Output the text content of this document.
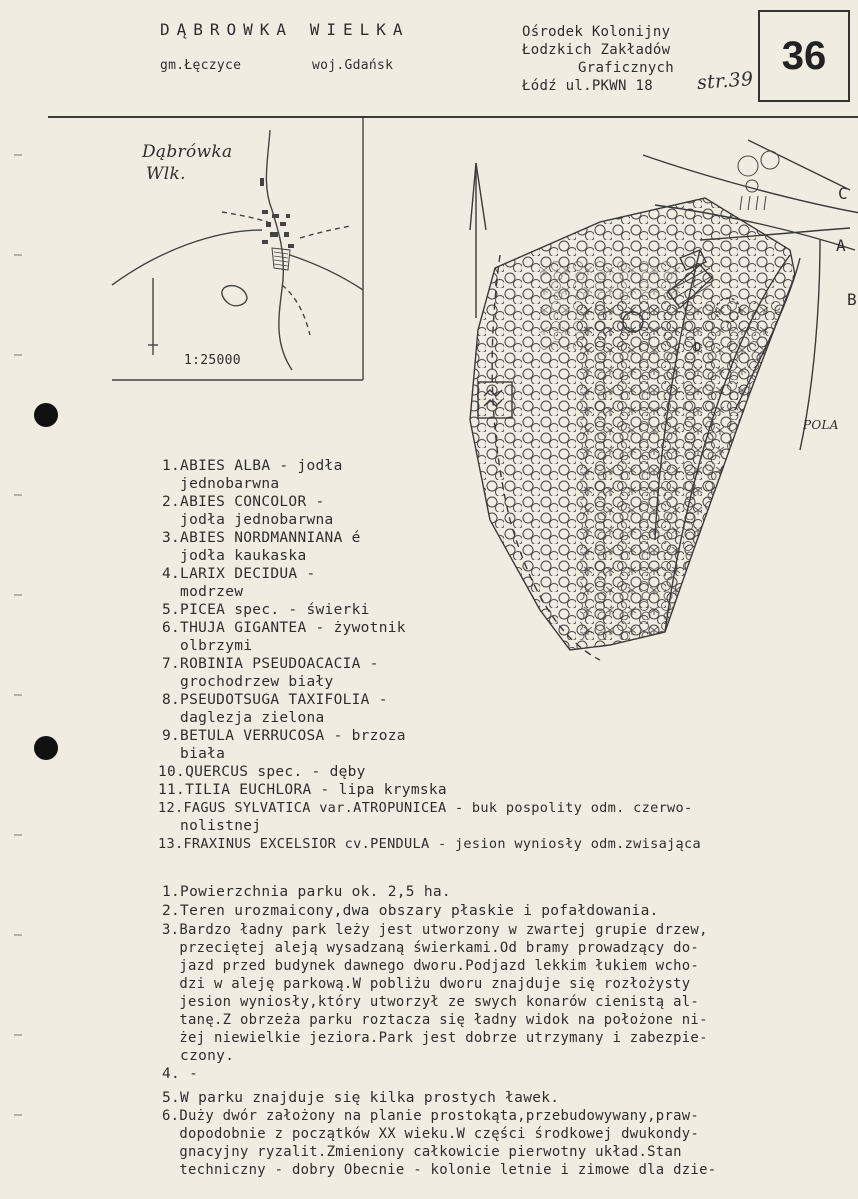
DĄBROWKA WIELKA
gm.Łęczyce	woj.Gdańsk
Ośrodek Kolonijny
Łodzkich Zakładów
Graficznych
Łódź ul.PKWN 18 str.39
36
Dąbrówka
Wlk.
1:25000
C
A
B
D
POLA
1.ABIES ALBA - jodła
jednobarwna
2.ABIES CONCOLOR -
jodła jednobarwna
3.ABIES NORDMANNIANA é
jodła kaukaska
4.LARIX DECIDUA -
modrzew
5.PICEA spec. - świerki
6.THUJA GIGANTEA - żywotnik
olbrzymi
7.ROBINIA PSEUDOACACIA -
grochodrzew biały
8.PSEUDOTSUGA TAXIFOLIA -
daglezja zielona
9.BETULA VERRUCOSA - brzoza
biała
10.QUERCUS spec. - dęby
11.TILIA EUCHLORA - lipa krymska
12.FAGUS SYLVATICA var.ATROPUNICEA - buk pospolity odm. czerwo-
nolistnej
13.FRAXINUS EXCELSIOR cv.PENDULA - jesion wyniosły odm.zwisająca
1.Powierzchnia parku ok. 2,5 ha.
2.Teren urozmaicony,dwa obszary płaskie i pofałdowania.
3.Bardzo ładny park leży jest utworzony w zwartej grupie drzew,
przeciętej aleją wysadzaną świerkami.Od bramy prowadzący do-
jazd przed budynek dawnego dworu.Podjazd lekkim łukiem wcho-
dzi w aleję parkową.W pobliżu dworu znajduje się rozłożysty
jesion wyniosły,który utworzył ze swych konarów cienistą al-
tanę.Z obrzeża parku roztacza się ładny widok na położone ni-
żej niewielkie jeziora.Park jest dobrze utrzymany i zabezpie-
czony.
4. -
5.W parku znajduje się kilka prostych ławek.
6.Duży dwór założony na planie prostokąta,przebudowywany,praw-
dopodobnie z początków XX wieku.W części środkowej dwukondy-
gnacyjny ryzalit.Zmieniony całkowicie pierwotny układ.Stan
techniczny - dobry Obecnie - kolonie letnie i zimowe dla dzie-
